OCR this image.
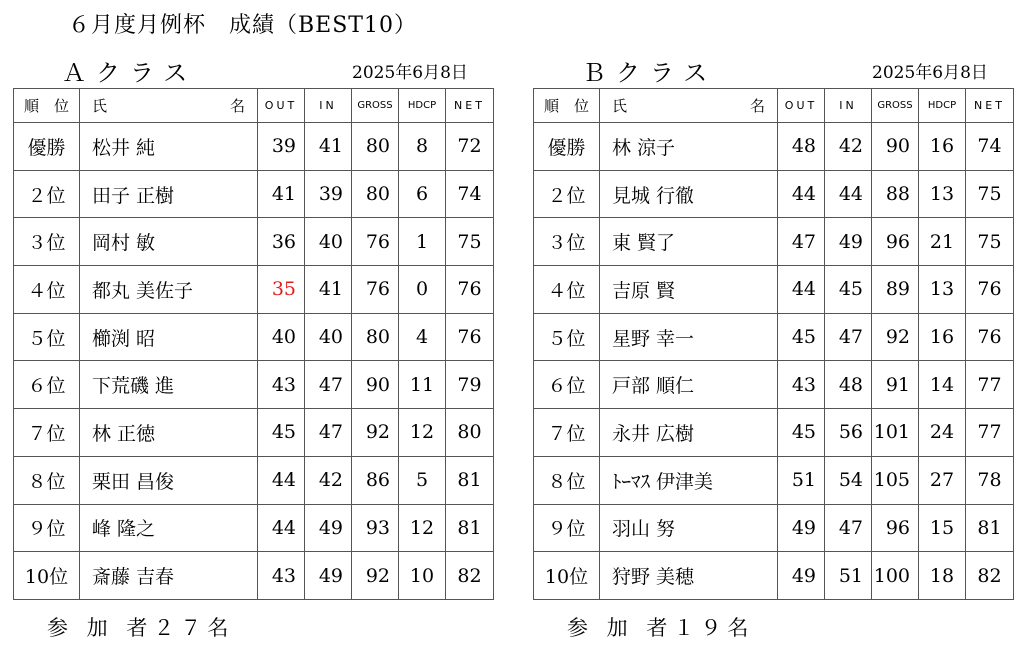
６月度月例杯　成績（BEST10）
Ａクラス	2025年6月8日
順　位	氏 名	OUT	IN	GROSS	HDCP	NET
優勝	松井 純	39	41	80	8	72
２位	田子 正樹	41	39	80	6	74
３位	岡村 敏	36	40	76	1	75
４位	都丸 美佐子	35	41	76	0	76
５位	櫛渕 昭	40	40	80	4	76
６位	下荒磯 進	43	47	90	11	79
７位	林 正徳	45	47	92	12	80
８位	栗田 昌俊	44	42	86	5	81
９位	峰 隆之	44	49	93	12	81
10位	斎藤 吉春	43	49	92	10	82
参 加 者２７名
Ｂクラス	2025年6月8日
順　位	氏 名	OUT	IN	GROSS	HDCP	NET
優勝	林 涼子	48	42	90	16	74
２位	見城 行徹	44	44	88	13	75
３位	東 賢了	47	49	96	21	75
４位	吉原 賢	44	45	89	13	76
５位	星野 幸一	45	47	92	16	76
６位	戸部 順仁	43	48	91	14	77
７位	永井 広樹	45	56	101	24	77
８位	ﾄｰﾏｽ 伊津美	51	54	105	27	78
９位	羽山 努	49	47	96	15	81
10位	狩野 美穂	49	51	100	18	82
参 加 者１９名
